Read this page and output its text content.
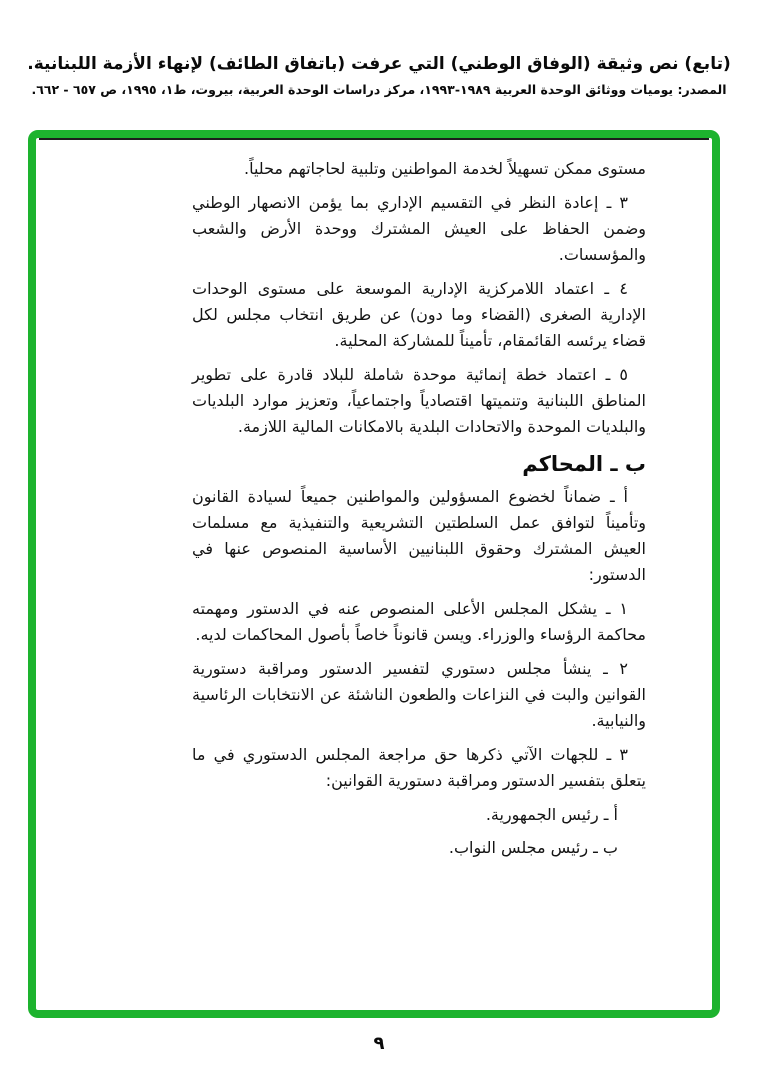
(تابع) نص وثيقة (الوفاق الوطني) التي عرفت (باتفاق الطائف) لإنهاء الأزمة اللبنانية.
المصدر: يوميات ووثائق الوحدة العربية ١٩٨٩-١٩٩٣، مركز دراسات الوحدة العربية، بيروت، ط١، ١٩٩٥، ص ٦٥٧ - ٦٦٢.

مستوى ممكن تسهيلاً لخدمة المواطنين وتلبية لحاجاتهم محلياً.

٣ ـ إعادة النظر في التقسيم الإداري بما يؤمن الانصهار الوطني وضمن الحفاظ على العيش المشترك ووحدة الأرض والشعب والمؤسسات.

٤ ـ اعتماد اللامركزية الإدارية الموسعة على مستوى الوحدات الإدارية الصغرى (القضاء وما دون) عن طريق انتخاب مجلس لكل قضاء يرئسه القائمقام، تأميناً للمشاركة المحلية.

٥ ـ اعتماد خطة إنمائية موحدة شاملة للبلاد قادرة على تطوير المناطق اللبنانية وتنميتها اقتصادياً واجتماعياً، وتعزيز موارد البلديات والبلديات الموحدة والاتحادات البلدية بالامكانات المالية اللازمة.

ب ـ المحاكم

أ ـ ضماناً لخضوع المسؤولين والمواطنين جميعاً لسيادة القانون وتأميناً لتوافق عمل السلطتين التشريعية والتنفيذية مع مسلمات العيش المشترك وحقوق اللبنانيين الأساسية المنصوص عنها في الدستور:

١ ـ يشكل المجلس الأعلى المنصوص عنه في الدستور ومهمته محاكمة الرؤساء والوزراء. ويسن قانوناً خاصاً بأصول المحاكمات لديه.

٢ ـ ينشأ مجلس دستوري لتفسير الدستور ومراقبة دستورية القوانين والبت في النزاعات والطعون الناشئة عن الانتخابات الرئاسية والنيابية.

٣ ـ للجهات الآتي ذكرها حق مراجعة المجلس الدستوري في ما يتعلق بتفسير الدستور ومراقبة دستورية القوانين:

أ ـ رئيس الجمهورية.

ب ـ رئيس مجلس النواب.

٩
